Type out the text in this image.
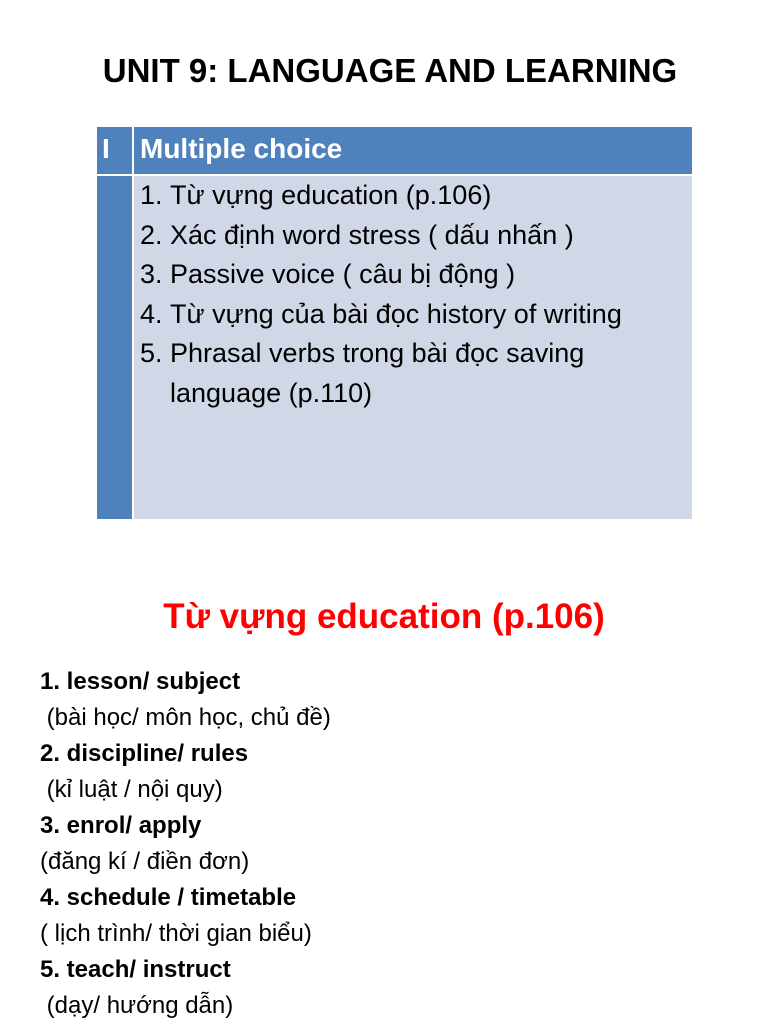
UNIT 9: LANGUAGE AND LEARNING
I	Multiple choice
1. Từ vựng education (p.106)
2. Xác định word stress ( dấu nhấn )
3. Passive voice ( câu bị động )
4. Từ vựng của bài đọc history of writing
5. Phrasal verbs trong bài đọc saving language (p.110)
Từ vựng education (p.106)
1. lesson/ subject
(bài học/ môn học, chủ đề)
2. discipline/ rules
(kỉ luật / nội quy)
3. enrol/ apply
(đăng kí / điền đơn)
4. schedule / timetable
( lịch trình/ thời gian biểu)
5. teach/ instruct
(dạy/ hướng dẫn)
